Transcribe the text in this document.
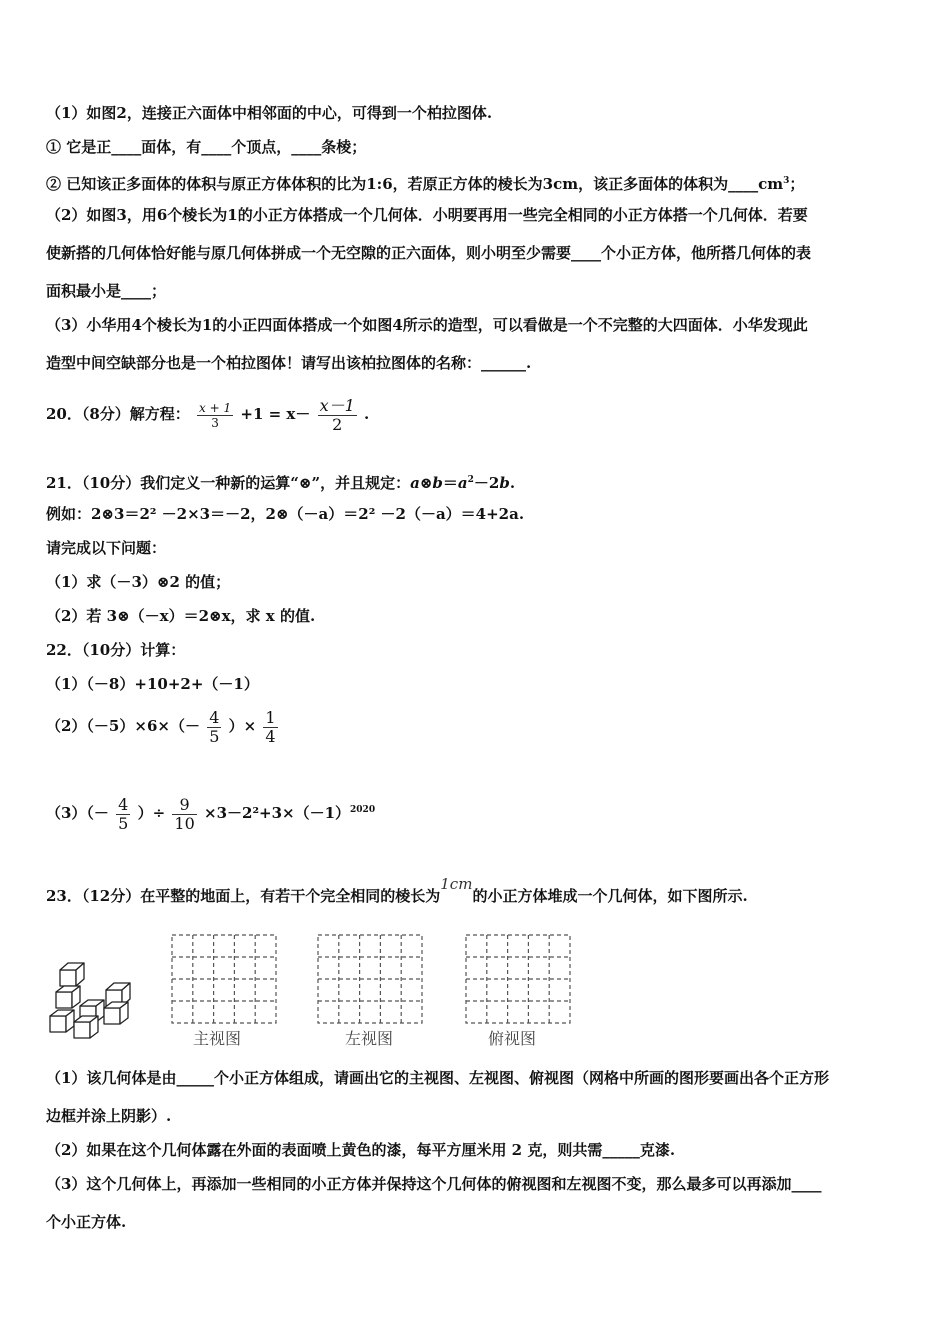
（1）如图2，连接正六面体中相邻面的中心，可得到一个柏拉图体.
① 它是正____面体，有____个顶点，____条棱；
② 已知该正多面体的体积与原正方体体积的比为1:6，若原正方体的棱长为3cm，该正多面体的体积为$\_\_\_\_cm^3$；
（2）如图3，用6个棱长为1的小正方体搭成一个几何体．小明要再用一些完全相同的小正方体搭一个几何体．若要
使新搭的几何体恰好能与原几何体拼成一个无空隙的正六面体，则小明至少需要____个小正方体，他所搭几何体的表
面积最小是____；
（3）小华用4个棱长为1的小正四面体搭成一个如图4所示的造型，可以看做是一个不完整的大四面体．小华发现此
造型中间空缺部分也是一个柏拉图体！请写出该柏拉图体的名称：______.
20．（8分）解方程： $\frac{x + 1}{3} +1 = x- \frac{x-1}{2}$ .
21．（10分）我们定义一种新的运算“⊗”，并且规定：$a\otimes b=a^2-2b$.
例如：2⊗3＝2² －2×3＝－2，2⊗（－a）＝2² －2（－a）＝4+2a.
请完成以下问题：
（1）求（－3）⊗2 的值；
（2）若 3⊗（－x）＝2⊗x，求 x 的值.
22．（10分）计算：
（1）（－8）+10+2+（－1）
$(2)(-5)\times 6\times(- \frac{4}{5}$ ）× $\frac{1}{4}$
$(3)(- \frac{4}{5}$ ）÷ $\frac{9}{10} \times 3-2^2+3\times(-1)^{2020}$
23．（12分）在平整的地面上，有若干个完全相同的棱长为1cm的小正方体堆成一个几何体，如下图所示.
主视图	左视图	俯视图
（1）该几何体是由_____个小正方体组成，请画出它的主视图、左视图、俯视图（网格中所画的图形要画出各个正方形
边框并涂上阴影）.
（2）如果在这个几何体露在外面的表面喷上黄色的漆，每平方厘米用 2 克，则共需_____克漆.
（3）这个几何体上，再添加一些相同的小正方体并保持这个几何体的俯视图和左视图不变，那么最多可以再添加____
个小正方体.
